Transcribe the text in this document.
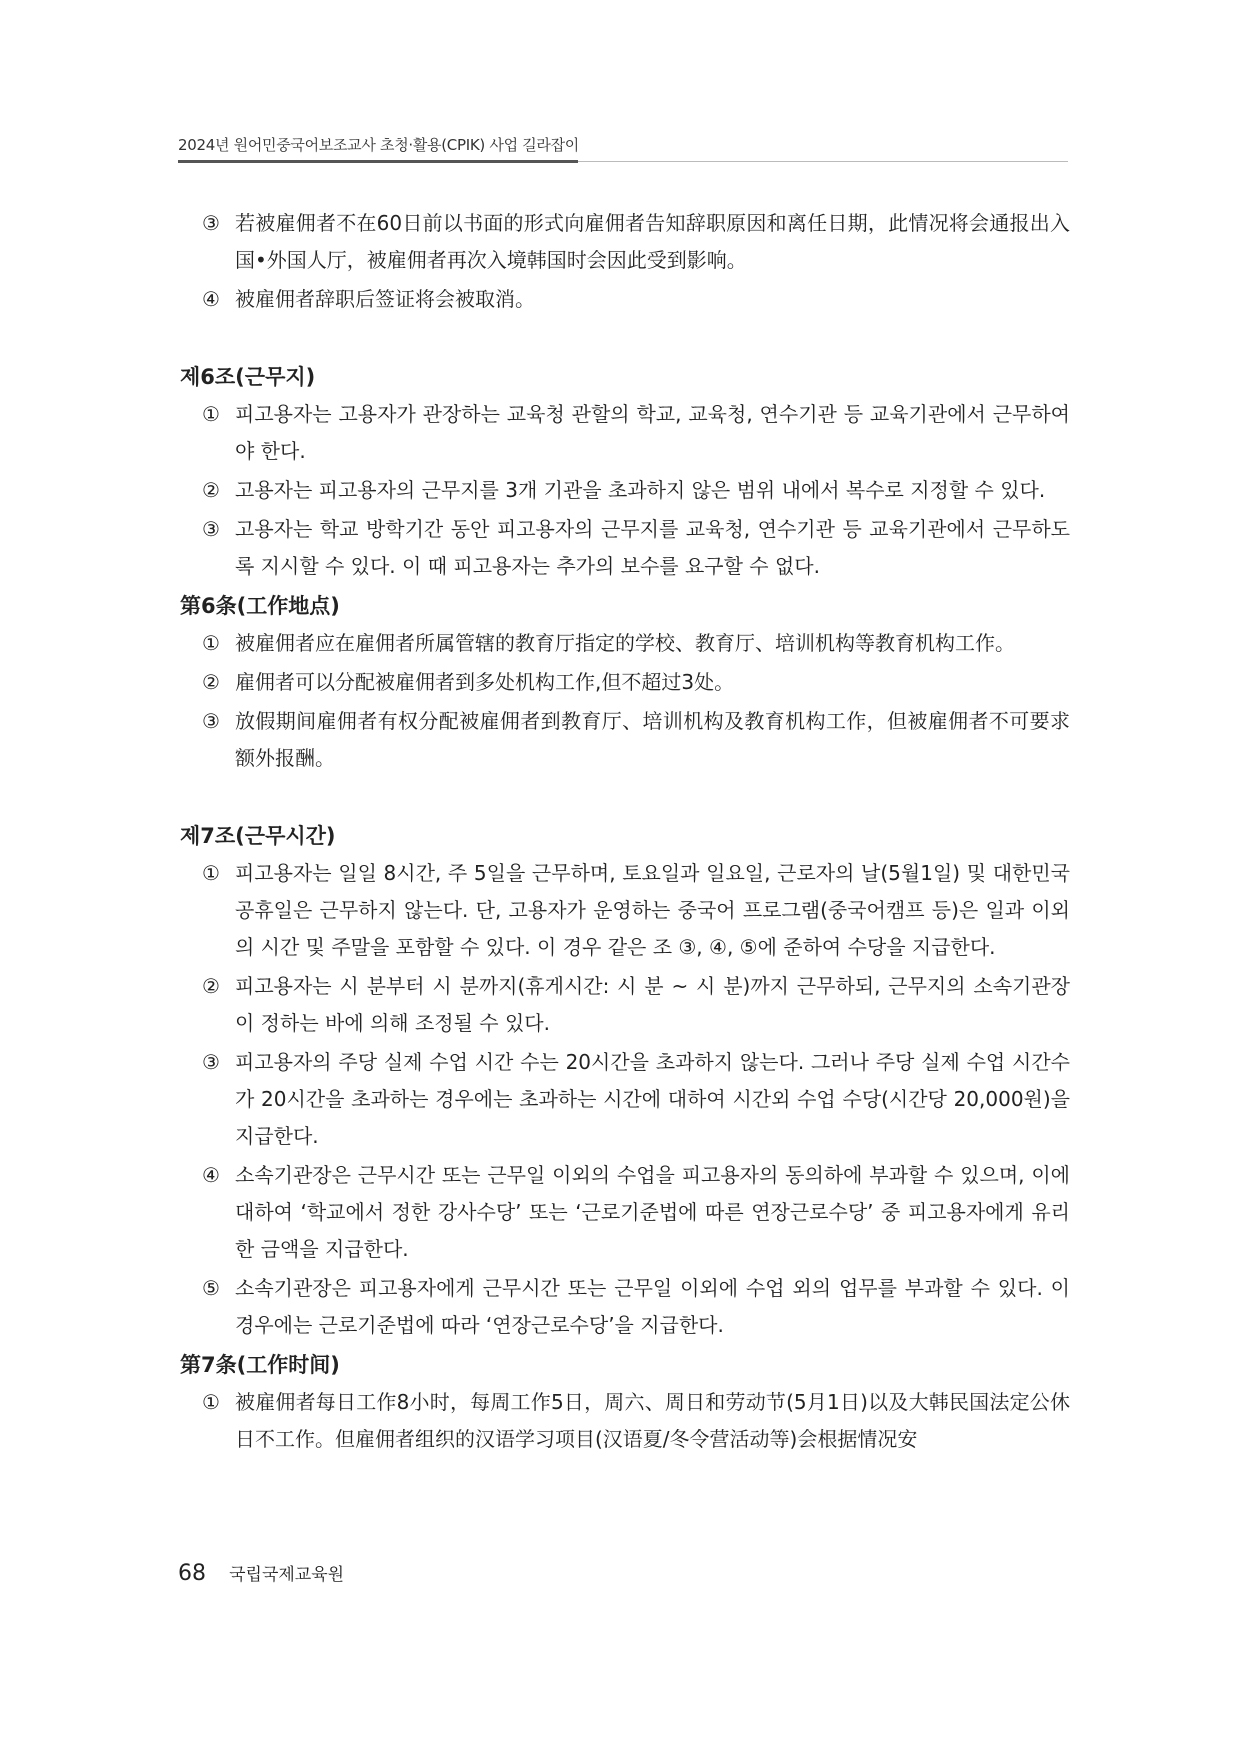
2024년 원어민중국어보조교사 초청·활용(CPIK) 사업 길라잡이
③ 若被雇佣者不在60日前以书面的形式向雇佣者告知辞职原因和离任日期，此情况将会通报出入国•外国人厅，被雇佣者再次入境韩国时会因此受到影响。
④ 被雇佣者辞职后签证将会被取消。
제6조(근무지)
① 피고용자는 고용자가 관장하는 교육청 관할의 학교, 교육청, 연수기관 등 교육기관에서 근무하여야 한다.
② 고용자는 피고용자의 근무지를 3개 기관을 초과하지 않은 범위 내에서 복수로 지정할 수 있다.
③ 고용자는 학교 방학기간 동안 피고용자의 근무지를 교육청, 연수기관 등 교육기관에서 근무하도록 지시할 수 있다. 이 때 피고용자는 추가의 보수를 요구할 수 없다.
第6条(工作地点)
① 被雇佣者应在雇佣者所属管辖的教育厅指定的学校、教育厅、培训机构等教育机构工作。
② 雇佣者可以分配被雇佣者到多处机构工作,但不超过3处。
③ 放假期间雇佣者有权分配被雇佣者到教育厅、培训机构及教育机构工作，但被雇佣者不可要求额外报酬。
제7조(근무시간)
① 피고용자는 일일 8시간, 주 5일을 근무하며, 토요일과 일요일, 근로자의 날(5월1일) 및 대한민국 공휴일은 근무하지 않는다. 단, 고용자가 운영하는 중국어 프로그램(중국어캠프 등)은 일과 이외의 시간 및 주말을 포함할 수 있다. 이 경우 같은 조 ③, ④, ⑤에 준하여 수당을 지급한다.
② 피고용자는 시 분부터 시 분까지(휴게시간: 시 분 ~ 시 분)까지 근무하되, 근무지의 소속기관장이 정하는 바에 의해 조정될 수 있다.
③ 피고용자의 주당 실제 수업 시간 수는 20시간을 초과하지 않는다. 그러나 주당 실제 수업 시간수가 20시간을 초과하는 경우에는 초과하는 시간에 대하여 시간외 수업 수당(시간당 20,000원)을 지급한다.
④ 소속기관장은 근무시간 또는 근무일 이외의 수업을 피고용자의 동의하에 부과할 수 있으며, 이에 대하여 ‘학교에서 정한 강사수당’ 또는 ‘근로기준법에 따른 연장근로수당’ 중 피고용자에게 유리한 금액을 지급한다.
⑤ 소속기관장은 피고용자에게 근무시간 또는 근무일 이외에 수업 외의 업무를 부과할 수 있다. 이 경우에는 근로기준법에 따라 ‘연장근로수당’을 지급한다.
第7条(工作时间)
① 被雇佣者每日工作8小时，每周工作5日，周六、周日和劳动节(5月1日)以及大韩民国法定公休日不工作。但雇佣者组织的汉语学习项目(汉语夏/冬令营活动等)会根据情况安
68 국립국제교육원
